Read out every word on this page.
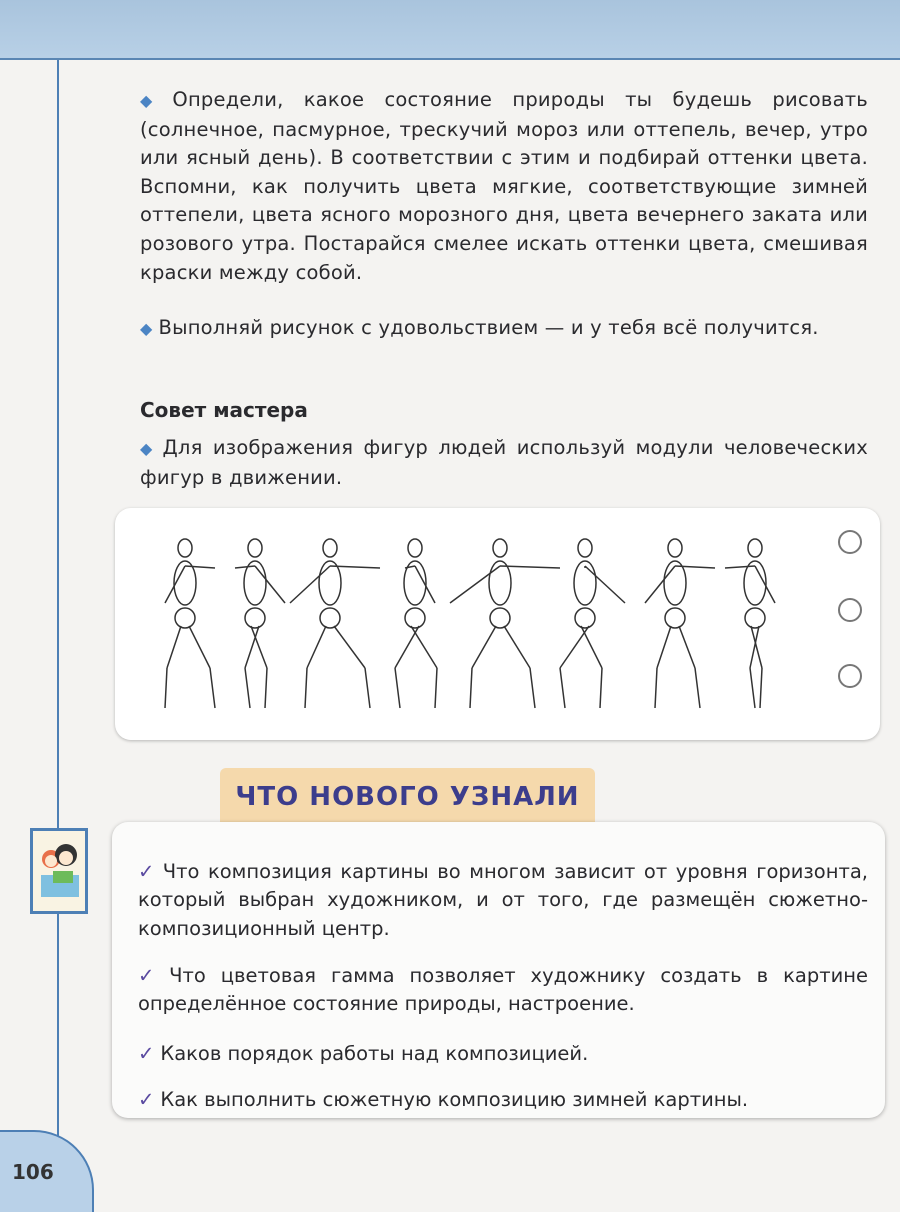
106
◆ Определи, какое состояние природы ты будешь рисовать (солнечное, пасмурное, трескучий мороз или оттепель, вечер, утро или ясный день). В соответствии с этим и подбирай оттенки цвета. Вспомни, как получить цвета мягкие, соответствующие зимней оттепели, цвета ясного морозного дня, цвета вечернего заката или розового утра. Постарайся смелее искать оттенки цвета, смешивая краски между собой.
◆ Выполняй рисунок с удовольствием — и у тебя всё получится.
Совет мастера
◆ Для изображения фигур людей используй модули человеческих фигур в движении.
ЧТО НОВОГО УЗНАЛИ
✓ Что композиция картины во многом зависит от уровня горизонта, который выбран художником, и от того, где размещён сюжетно-композиционный центр.
✓ Что цветовая гамма позволяет художнику создать в картине определённое состояние природы, настроение.
✓ Каков порядок работы над композицией.
✓ Как выполнить сюжетную композицию зимней картины.
